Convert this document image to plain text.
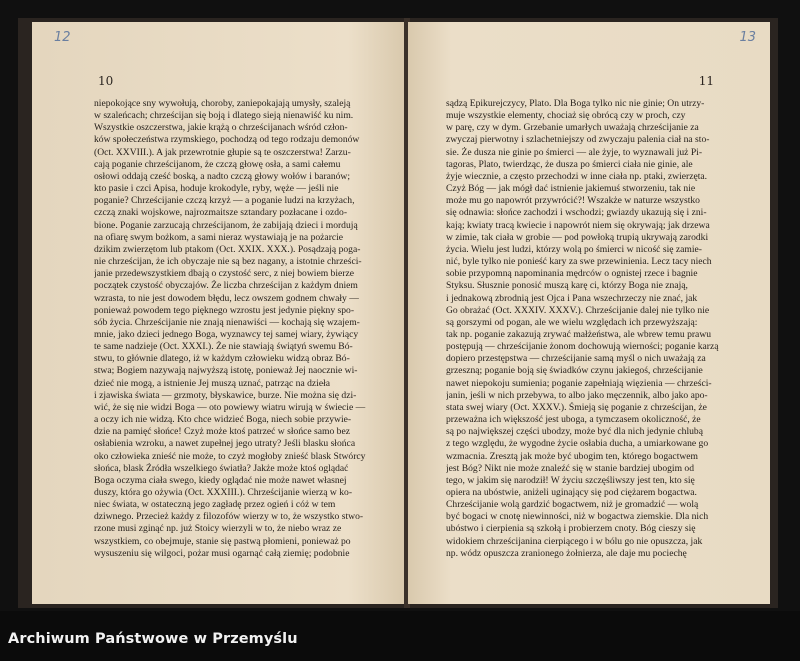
12
10
niepokojące sny wywołują, choroby, zaniepokajają umysły, szaleją
w szaleńcach; chrześcijan się boją i dlatego sieją nienawiść ku nim.
Wszystkie oszczerstwa, jakie krążą o chrześcijanach wśród człon-
ków społeczeństwa rzymskiego, pochodzą od tego rodzaju demonów
(Oct. XXVIII.). A jak przewrotnie głupie są te oszczerstwa! Zarzu-
cają poganie chrześcijanom, że czczą głowę osła, a sami całemu
osłowi oddają cześć boską, a nadto czczą głowy wołów i baranów;
kto pasie i czci Apisa, hoduje krokodyle, ryby, węże — jeśli nie
poganie? Chrześcijanie czczą krzyż — a poganie ludzi na krzyżach,
czczą znaki wojskowe, najrozmaitsze sztandary pozłacane i ozdo-
bione. Poganie zarzucają chrześcijanom, że zabijają dzieci i mordują
na ofiarę swym bożkom, a sami nieraz wystawiają je na pożarcie
dzikim zwierzętom lub ptakom (Oct. XXIX. XXX.). Posądzają poga-
nie chrześcijan, że ich obyczaje nie są bez nagany, a istotnie chrześci-
janie przedewszystkiem dbają o czystość serc, z niej bowiem bierze
początek czystość obyczajów. Że liczba chrześcijan z każdym dniem
wzrasta, to nie jest dowodem błędu, lecz owszem godnem chwały —
ponieważ powodem tego pięknego wzrostu jest jedynie piękny spo-
sób życia. Chrześcijanie nie znają nienawiści — kochają się wzajem-
mnie, jako dzieci jednego Boga, wyznawcy tej samej wiary, żywiący
te same nadzieje (Oct. XXXI.). Że nie stawiają świątyń swemu Bó-
stwu, to głównie dlatego, iż w każdym człowieku widzą obraz Bó-
stwa; Bogiem nazywają najwyższą istotę, ponieważ Jej naocznie wi-
dzieć nie mogą, a istnienie Jej muszą uznać, patrząc na dzieła
i zjawiska świata — grzmoty, błyskawice, burze. Nie można się dzi-
wić, że się nie widzi Boga — oto powiewy wiatru wirują w świecie —
a oczy ich nie widzą. Kto chce widzieć Boga, niech sobie przywie-
dzie na pamięć słońce! Czyż może ktoś patrzeć w słońce samo bez
osłabienia wzroku, a nawet zupełnej jego utraty? Jeśli blasku słońca
oko człowieka znieść nie może, to czyż mogłoby znieść blask Stwórcy
słońca, blask Źródła wszelkiego światła? Jakże może ktoś oglądać
Boga oczyma ciała swego, kiedy oglądać nie może nawet własnej
duszy, która go ożywia (Oct. XXXIII.). Chrześcijanie wierzą w ko-
niec świata, w ostateczną jego zagładę przez ogień i cóż w tem
dziwnego. Przecież każdy z filozofów wierzy w to, że wszystko stwo-
rzone musi zginąć np. już Stoicy wierzyli w to, że niebo wraz ze
wszystkiem, co obejmuje, stanie się pastwą płomieni, ponieważ po
wysuszeniu się wilgoci, pożar musi ogarnąć całą ziemię; podobnie
13
11
sądzą Epikurejczycy, Plato. Dla Boga tylko nic nie ginie; On utrzy-
muje wszystkie elementy, chociaż się obrócą czy w proch, czy
w parę, czy w dym. Grzebanie umarłych uważają chrześcijanie za
zwyczaj pierwotny i szlachetniejszy od zwyczaju palenia ciał na sto-
sie. Że dusza nie ginie po śmierci — ale żyje, to wyznawali już Pi-
tagoras, Plato, twierdząc, że dusza po śmierci ciała nie ginie, ale
żyje wiecznie, a często przechodzi w inne ciała np. ptaki, zwierzęta.
Czyż Bóg — jak mógł dać istnienie jakiemuś stworzeniu, tak nie
może mu go napowrót przywrócić?! Wszakże w naturze wszystko
się odnawia: słońce zachodzi i wschodzi; gwiazdy ukazują się i zni-
kają; kwiaty tracą kwiecie i napowrót niem się okrywają; jak drzewa
w zimie, tak ciała w grobie — pod powłoką trupią ukrywają zarodki
życia. Wielu jest ludzi, którzy wolą po śmierci w nicość się zamie-
nić, byle tylko nie ponieść kary za swe przewinienia. Lecz tacy niech
sobie przypomną napominania mędrców o ognistej rzece i bagnie
Styksu. Słusznie ponosić muszą karę ci, którzy Boga nie znają,
i jednakową zbrodnią jest Ojca i Pana wszechrzeczy nie znać, jak
Go obrażać (Oct. XXXIV. XXXV.). Chrześcijanie dalej nie tylko nie
są gorszymi od pogan, ale we wielu względach ich przewyższają:
tak np. poganie zakazują zrywać małżeństwa, ale wbrew temu prawu
postępują — chrześcijanie żonom dochowują wierności; poganie karzą
dopiero przestępstwa — chrześcijanie samą myśl o nich uważają za
grzeszną; poganie boją się świadków czynu jakiegoś, chrześcijanie
nawet niepokoju sumienia; poganie zapełniają więzienia — chrześci-
janin, jeśli w nich przebywa, to albo jako męczennik, albo jako apo-
stata swej wiary (Oct. XXXV.). Śmieją się poganie z chrześcijan, że
przeważna ich większość jest uboga, a tymczasem okoliczność, że
są po największej części ubodzy, może być dla nich jedynie chlubą
z tego względu, że wygodne życie osłabia ducha, a umiarkowane go
wzmacnia. Zresztą jak może być ubogim ten, którego bogactwem
jest Bóg? Nikt nie może znaleźć się w stanie bardziej ubogim od
tego, w jakim się narodził! W życiu szczęśliwszy jest ten, kto się
opiera na ubóstwie, aniżeli uginający się pod ciężarem bogactwa.
Chrześcijanie wolą gardzić bogactwem, niż je gromadzić — wolą
być bogaci w cnotę niewinności, niż w bogactwa ziemskie. Dla nich
ubóstwo i cierpienia są szkołą i probierzem cnoty. Bóg cieszy się
widokiem chrześcijanina cierpiącego i w bólu go nie opuszcza, jak
np. wódz opuszcza zranionego żołnierza, ale daje mu pociechę
Archiwum Państwowe w Przemyślu
